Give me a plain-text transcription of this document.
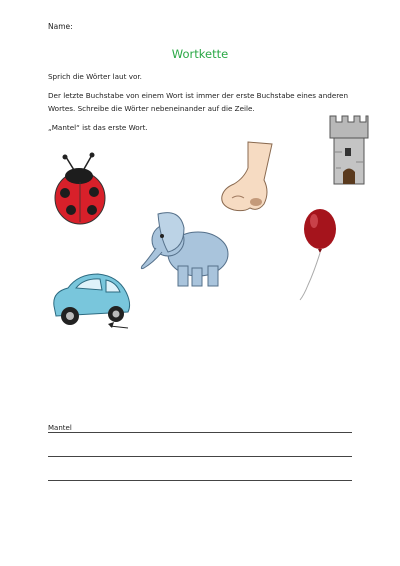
Name:
Wortkette
Sprich die Wörter laut vor.
Der letzte Buchstabe von einem Wort ist immer der erste Buchstabe eines anderen Wortes. Schreibe die Wörter nebeneinander auf die Zeile.
„Mantel“ ist das erste Wort.
Mantel
